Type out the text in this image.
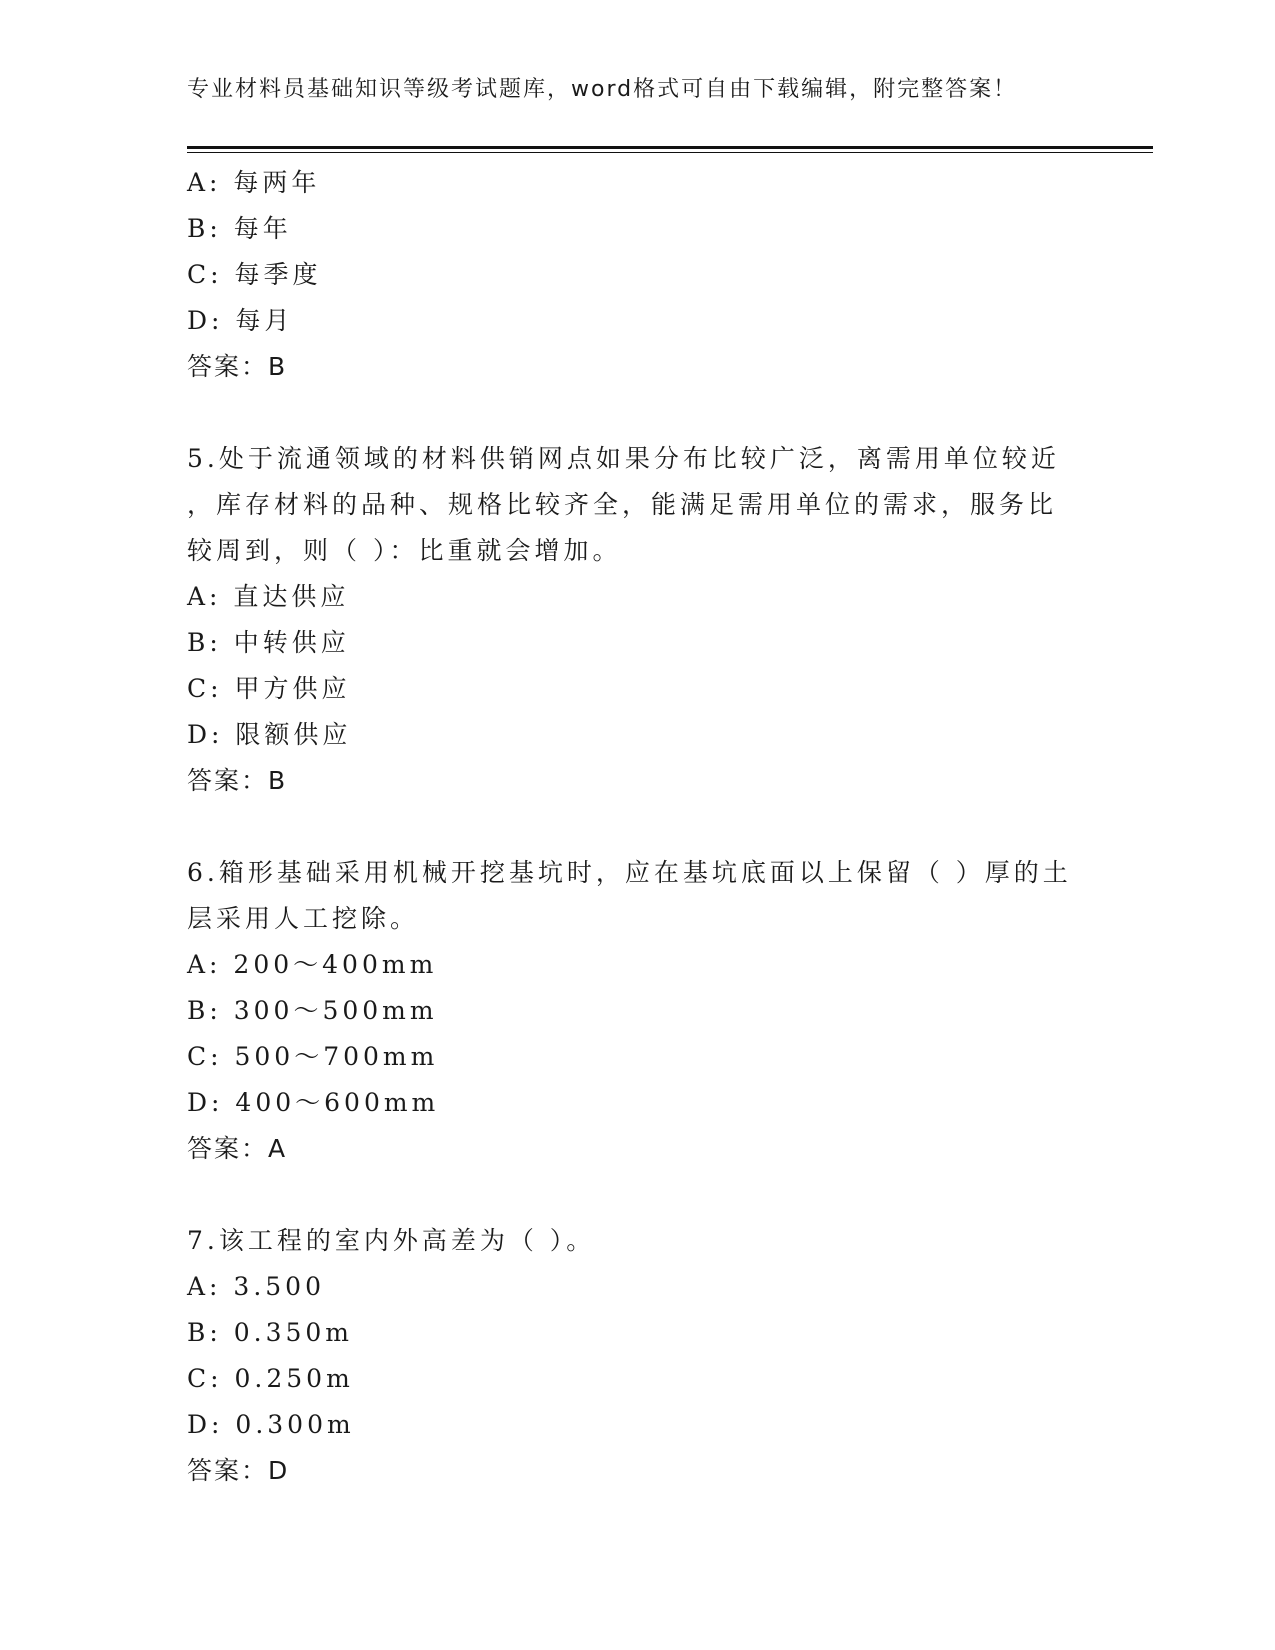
专业材料员基础知识等级考试题库，word格式可自由下载编辑，附完整答案！
A: 每两年
B: 每年
C: 每季度
D: 每月
答案：B
5.处于流通领域的材料供销网点如果分布比较广泛，离需用单位较近
，库存材料的品种、规格比较齐全，能满足需用单位的需求，服务比
较周到，则（ ）：比重就会增加。
A: 直达供应
B: 中转供应
C: 甲方供应
D: 限额供应
答案：B
6.箱形基础采用机械开挖基坑时，应在基坑底面以上保留（ ）厚的土
层采用人工挖除。
A: 200～400mm
B: 300～500mm
C: 500～700mm
D: 400～600mm
答案：A
7.该工程的室内外高差为（ ）。
A: 3.500
B: 0.350m
C: 0.250m
D: 0.300m
答案：D
